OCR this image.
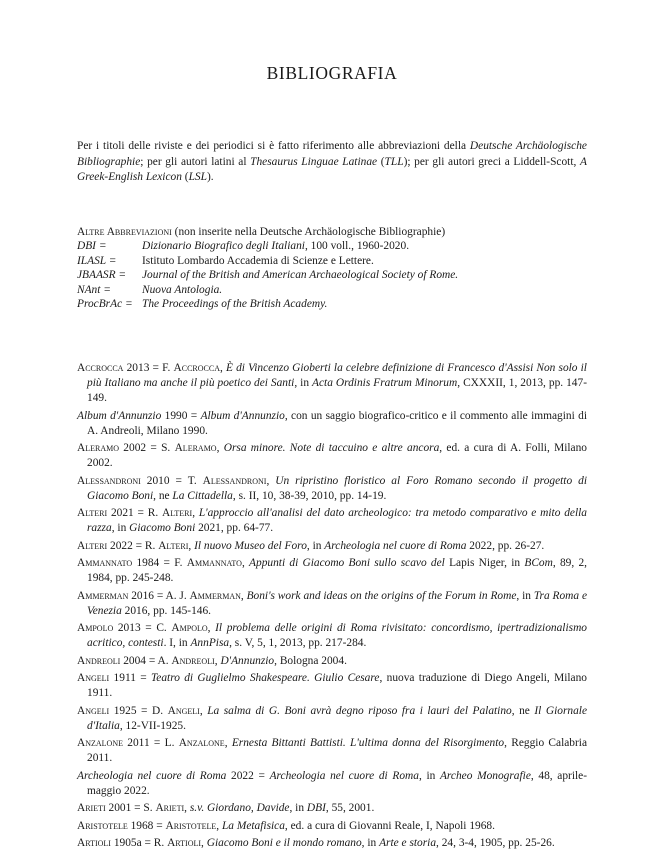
BIBLIOGRAFIA
Per i titoli delle riviste e dei periodici si è fatto riferimento alle abbreviazioni della Deutsche Archäologische Bibliographie; per gli autori latini al Thesaurus Linguae Latinae (TLL); per gli autori greci a Liddell-Scott, A Greek-English Lexicon (LSL).
Altre Abbreviazioni (non inserite nella Deutsche Archäologische Bibliographie)
DBI =	Dizionario Biografico degli Italiani, 100 voll., 1960-2020.
ILASL =	Istituto Lombardo Accademia di Scienze e Lettere.
JBAASR =	Journal of the British and American Archaeological Society of Rome.
NAnt =	Nuova Antologia.
ProcBrAc = The Proceedings of the British Academy.

Accrocca 2013 = F. Accrocca, È di Vincenzo Gioberti la celebre definizione di Francesco d'Assisi Non solo il più Italiano ma anche il più poetico dei Santi, in Acta Ordinis Fratrum Minorum, CXXXII, 1, 2013, pp. 147-149.

Album d'Annunzio 1990 = Album d'Annunzio, con un saggio biografico-critico e il commento alle immagini di A. Andreoli, Milano 1990.

Aleramo 2002 = S. Aleramo, Orsa minore. Note di taccuino e altre ancora, ed. a cura di A. Folli, Milano 2002.

Alessandroni 2010 = T. Alessandroni, Un ripristino floristico al Foro Romano secondo il progetto di Giacomo Boni, ne La Cittadella, s. II, 10, 38-39, 2010, pp. 14-19.

Alteri 2021 = R. Alteri, L'approccio all'analisi del dato archeologico: tra metodo comparativo e mito della razza, in Giacomo Boni 2021, pp. 64-77.

Alteri 2022 = R. Alteri, Il nuovo Museo del Foro, in Archeologia nel cuore di Roma 2022, pp. 26-27.

Ammannato 1984 = F. Ammannato, Appunti di Giacomo Boni sullo scavo del Lapis Niger, in BCom, 89, 2, 1984, pp. 245-248.

Ammerman 2016 = A. J. Ammerman, Boni's work and ideas on the origins of the Forum in Rome, in Tra Roma e Venezia 2016, pp. 145-146.

Ampolo 2013 = C. Ampolo, Il problema delle origini di Roma rivisitato: concordismo, ipertradizionalismo acritico, contesti. I, in AnnPisa, s. V, 5, 1, 2013, pp. 217-284.

Andreoli 2004 = A. Andreoli, D'Annunzio, Bologna 2004.

Angeli 1911 = Teatro di Guglielmo Shakespeare. Giulio Cesare, nuova traduzione di Diego Angeli, Milano 1911.

Angeli 1925 = D. Angeli, La salma di G. Boni avrà degno riposo fra i lauri del Palatino, ne Il Giornale d'Italia, 12-VII-1925.

Anzalone 2011 = L. Anzalone, Ernesta Bittanti Battisti. L'ultima donna del Risorgimento, Reggio Calabria 2011.

Archeologia nel cuore di Roma 2022 = Archeologia nel cuore di Roma, in Archeo Monografie, 48, aprile-maggio 2022.

Arieti 2001 = S. Arieti, s.v. Giordano, Davide, in DBI, 55, 2001.

Aristotele 1968 = Aristotele, La Metafisica, ed. a cura di Giovanni Reale, I, Napoli 1968.

Artioli 1905a = R. Artioli, Giacomo Boni e il mondo romano, in Arte e storia, 24, 3-4, 1905, pp. 25-26.
